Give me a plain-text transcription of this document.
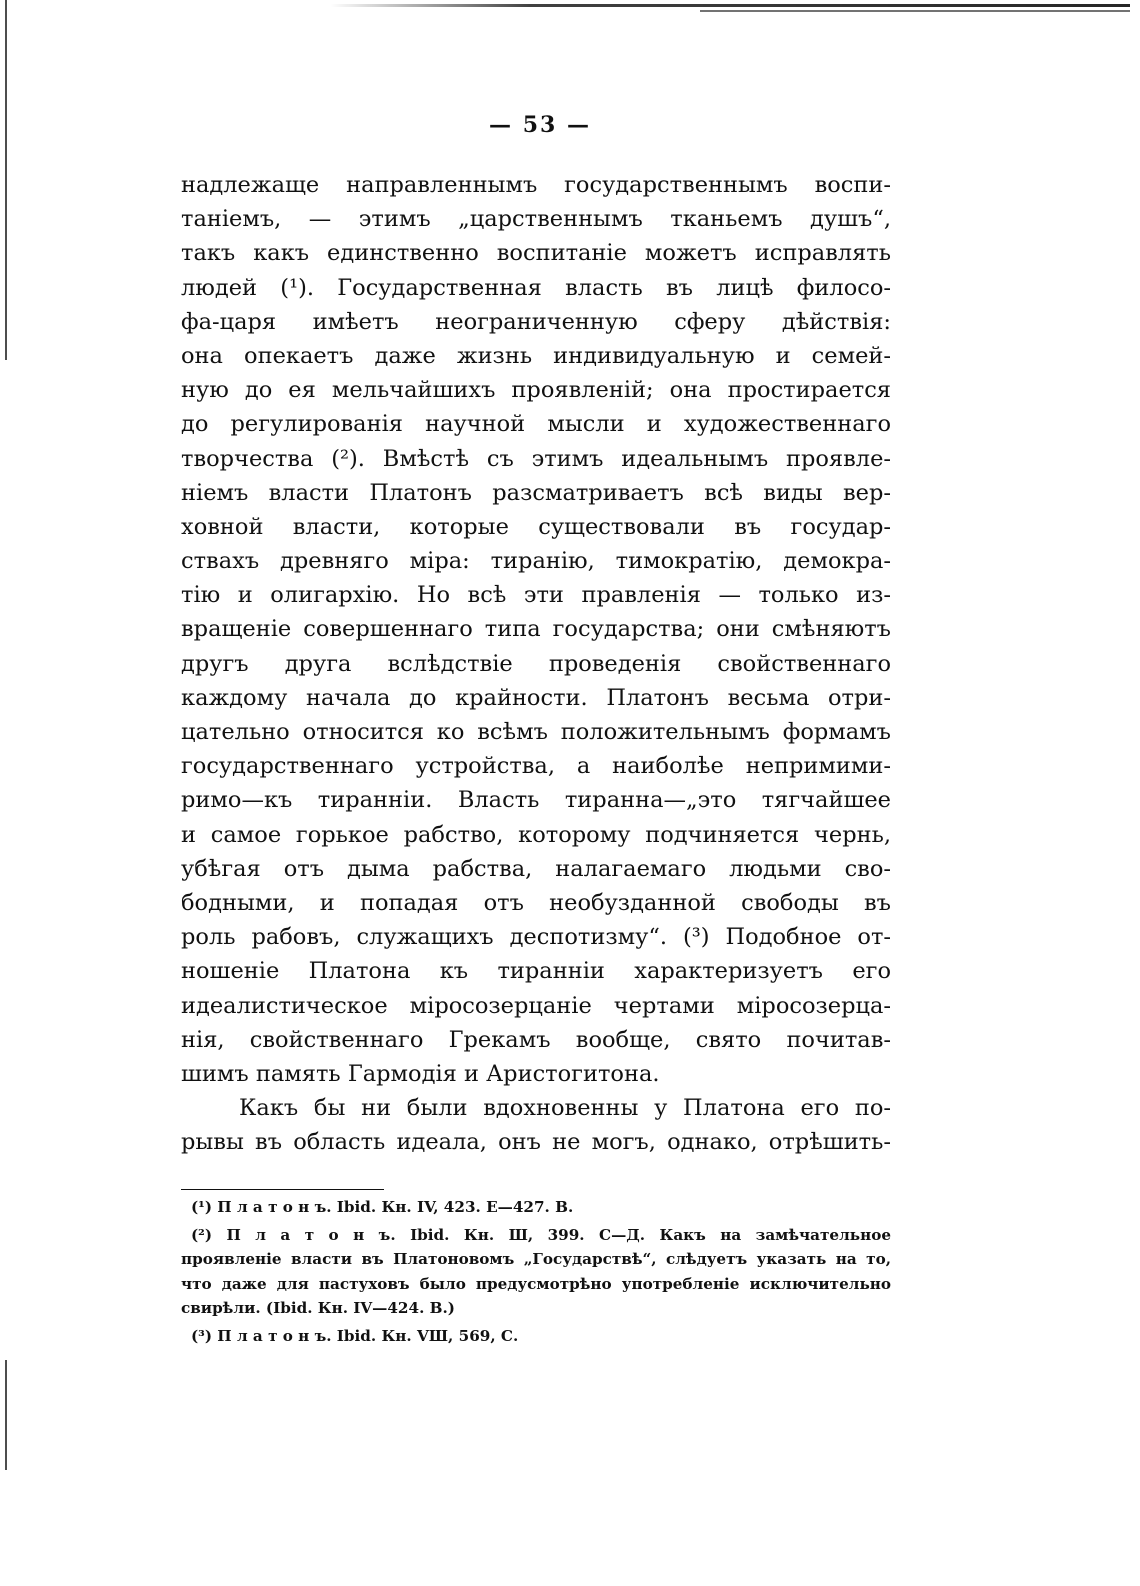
— 53 —
надлежаще направленнымъ государственнымъ воспи-
таніемъ, — этимъ „царственнымъ тканьемъ душъ“,
такъ какъ единственно воспитаніе можетъ исправлять
людей (¹). Государственная власть въ лицѣ филосо-
фа-царя имѣетъ неограниченную сферу дѣйствія:
она опекаетъ даже жизнь индивидуальную и семей-
ную до ея мельчайшихъ проявленій; она простирается
до регулированія научной мысли и художественнаго
творчества (²). Вмѣстѣ съ этимъ идеальнымъ проявле-
ніемъ власти Платонъ разсматриваетъ всѣ виды вер-
ховной власти, которые существовали въ государ-
ствахъ древняго міра: тиранію, тимократію, демокра-
тію и олигархію. Но всѣ эти правленія — только из-
вращеніе совершеннаго типа государства; они смѣняютъ
другъ друга вслѣдствіе проведенія свойственнаго
каждому начала до крайности. Платонъ весьма отри-
цательно относится ко всѣмъ положительнымъ формамъ
государственнаго устройства, а наиболѣе непримими-
римо—къ тиранніи. Власть тиранна—„это тягчайшее
и самое горькое рабство, которому подчиняется чернь,
убѣгая отъ дыма рабства, налагаемаго людьми сво-
бодными, и попадая отъ необузданной свободы въ
роль рабовъ, служащихъ деспотизму“. (³) Подобное от-
ношеніе Платона къ тиранніи характеризуетъ его
идеалистическое міросозерцаніе чертами міросозерца-
нія, свойственнаго Грекамъ вообще, свято почитав-
шимъ память Гармодія и Аристогитона.
Какъ бы ни были вдохновенны у Платона его по-
рывы въ область идеала, онъ не могъ, однако, отрѣшить-
(¹) П л а т о н ъ. Ibid. Кн. IV, 423. Е—427. В.
(²) П л а т о н ъ. Ibid. Кн. Ш, 399. С—Д. Какъ на замѣчательное
проявленіе власти въ Платоновомъ „Государствѣ“, слѣдуетъ указать на то,
что даже для пастуховъ было предусмотрѣно употребленіе исключительно
свирѣли. (Ibid. Кн. IV—424. В.)
(³) П л а т о н ъ. Ibid. Кн. VШ, 569, С.
